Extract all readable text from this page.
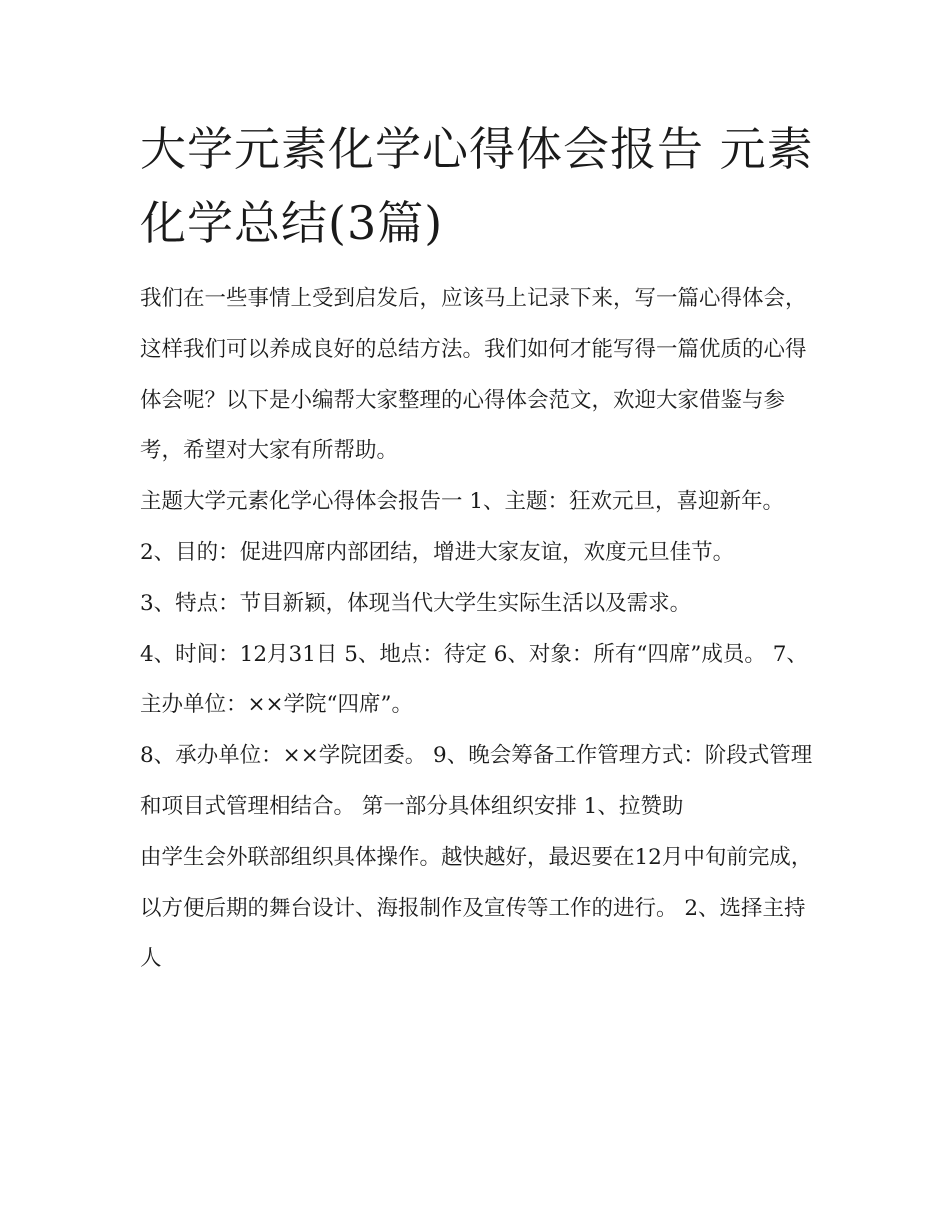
大学元素化学心得体会报告 元素化学总结(3篇)

我们在一些事情上受到启发后，应该马上记录下来，写一篇心得体会，这样我们可以养成良好的总结方法。我们如何才能写得一篇优质的心得体会呢？以下是小编帮大家整理的心得体会范文，欢迎大家借鉴与参考，希望对大家有所帮助。

主题大学元素化学心得体会报告一 1、主题：狂欢元旦，喜迎新年。 2、目的：促进四席内部团结，增进大家友谊，欢度元旦佳节。

3、特点：节目新颖，体现当代大学生实际生活以及需求。

4、时间：12月31日 5、地点：待定 6、对象：所有“四席”成员。 7、主办单位：××学院“四席”。

8、承办单位：××学院团委。 9、晚会筹备工作管理方式：阶段式管理和项目式管理相结合。 第一部分具体组织安排 1、拉赞助

由学生会外联部组织具体操作。越快越好，最迟要在12月中旬前完成，以方便后期的舞台设计、海报制作及宣传等工作的进行。 2、选择主持人
